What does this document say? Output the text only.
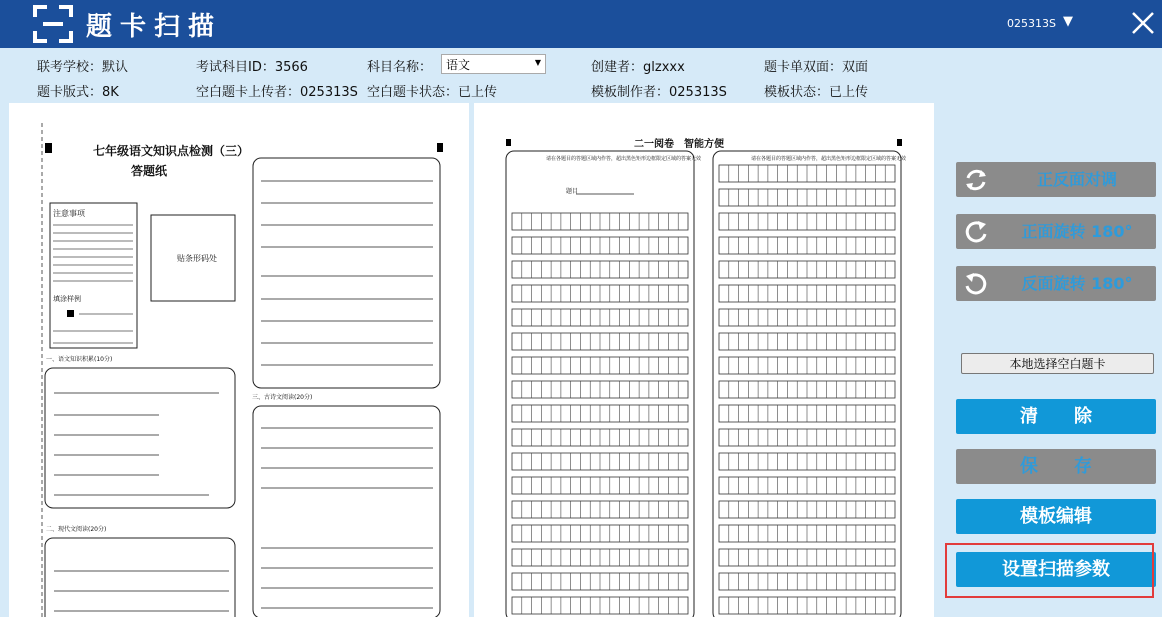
题卡扫描	025313S ▼
联考学校：默认	考试科目ID：3566	科目名称： 语文	▼	创建者：glzxxx	题卡单双面：双面
题卡版式：8K	空白题卡上传者：025313S 空白题卡状态：已上传	模板制作者：025313S	模板状态：已上传
七年级语文知识点检测（三）
答题纸
注意事项
填涂样例
贴条形码处
一、语文知识积累(10分)
二、现代文阅读(20分)
三、古诗文阅读(20分)
二一阅卷　智能方便
请在各题目的答题区域内作答，超出黑色矩形边框限定区域的答案无效	请在各题目的答题区域内作答，超出黑色矩形边框限定区域的答案无效
题目
正反面对调
正面旋转 180°
反面旋转 180°
本地选择空白题卡
清　　除
保　　存
模板编辑
设置扫描参数
